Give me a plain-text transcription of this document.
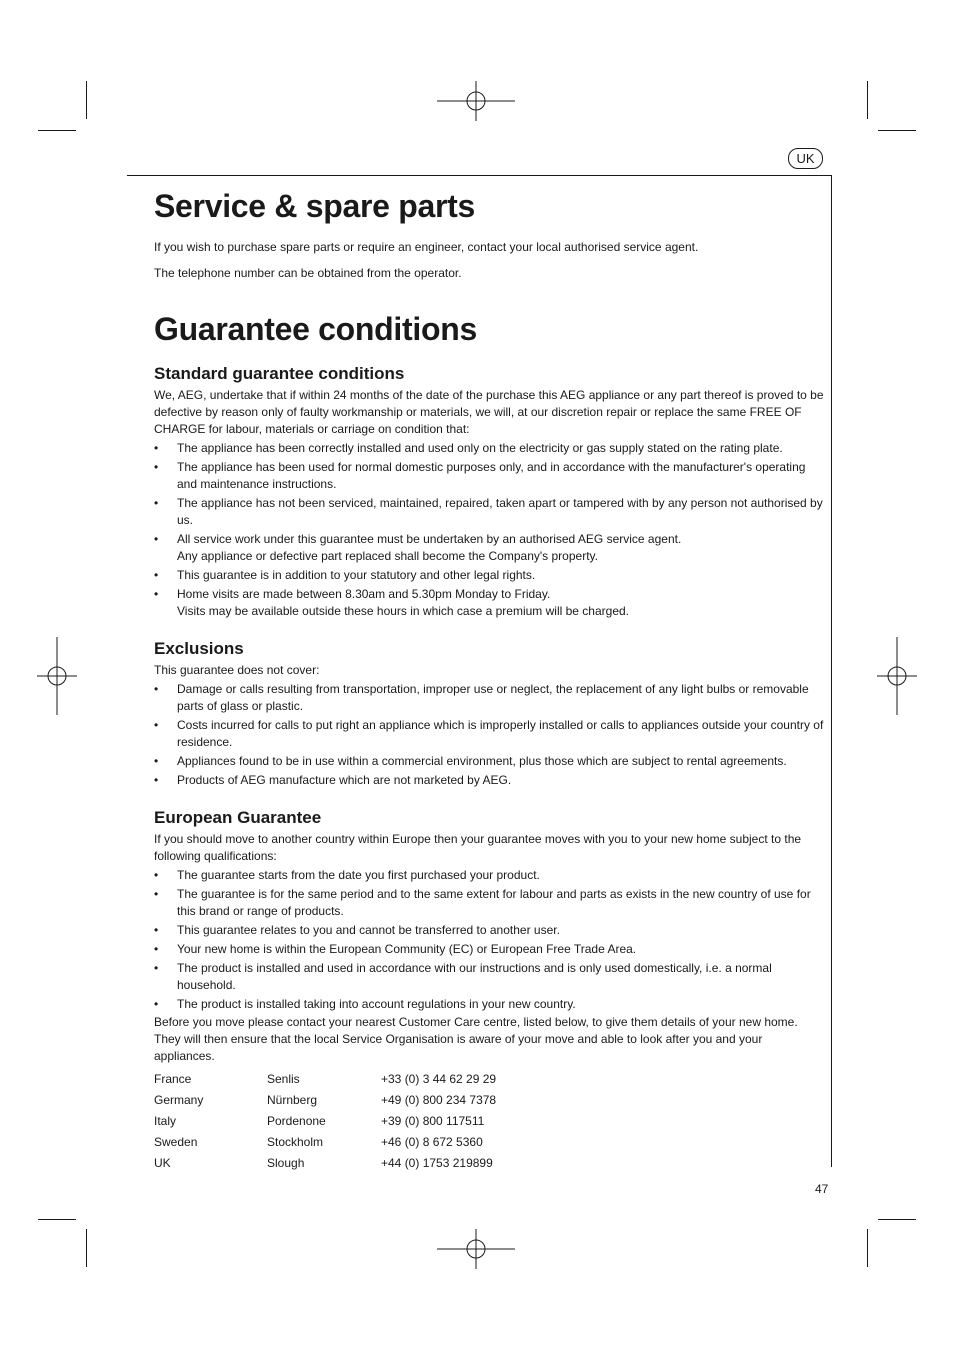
UK
Service & spare parts

If you wish to purchase spare parts or require an engineer, contact your local authorised service agent.

The telephone number can be obtained from the operator.

Guarantee conditions
Standard guarantee conditions

We, AEG, undertake that if within 24 months of the date of the purchase this AEG appliance or any part thereof is proved to be defective by reason only of faulty workmanship or materials, we will, at our discretion repair or replace the same FREE OF CHARGE for labour, materials or carriage on condition that:

• The appliance has been correctly installed and used only on the electricity or gas supply stated on the rating plate.
• The appliance has been used for normal domestic purposes only, and in accordance with the manufacturer's operating and maintenance instructions.
• The appliance has not been serviced, maintained, repaired, taken apart or tampered with by any person not authorised by us.
• All service work under this guarantee must be undertaken by an authorised AEG service agent.
Any appliance or defective part replaced shall become the Company's property.
• This guarantee is in addition to your statutory and other legal rights.
• Home visits are made between 8.30am and 5.30pm Monday to Friday.
Visits may be available outside these hours in which case a premium will be charged.
Exclusions

This guarantee does not cover:

• Damage or calls resulting from transportation, improper use or neglect, the replacement of any light bulbs or removable parts of glass or plastic.
• Costs incurred for calls to put right an appliance which is improperly installed or calls to appliances outside your country of residence.
• Appliances found to be in use within a commercial environment, plus those which are subject to rental agreements.
• Products of AEG manufacture which are not marketed by AEG.
European Guarantee

If you should move to another country within Europe then your guarantee moves with you to your new home subject to the following qualifications:

• The guarantee starts from the date you first purchased your product.
• The guarantee is for the same period and to the same extent for labour and parts as exists in the new country of use for this brand or range of products.
• This guarantee relates to you and cannot be transferred to another user.
• Your new home is within the European Community (EC) or European Free Trade Area.
• The product is installed and used in accordance with our instructions and is only used domestically, i.e. a normal household.
• The product is installed taking into account regulations in your new country.

Before you move please contact your nearest Customer Care centre, listed below, to give them details of your new home. They will then ensure that the local Service Organisation is aware of your move and able to look after you and your appliances.

France	Senlis	+33 (0) 3 44 62 29 29
Germany	Nürnberg	+49 (0) 800 234 7378
Italy	Pordenone	+39 (0) 800 117511
Sweden	Stockholm	+46 (0) 8 672 5360
UK	Slough	+44 (0) 1753 219899
47
